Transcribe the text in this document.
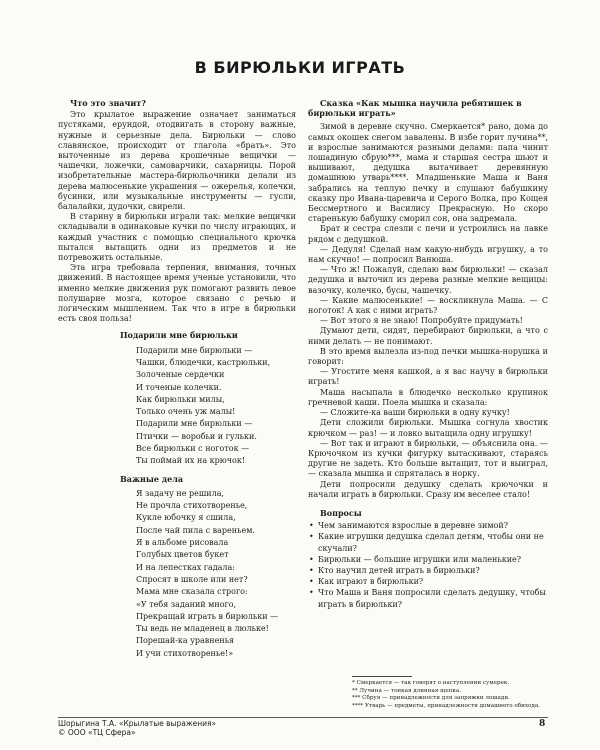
В БИРЮЛЬКИ ИГРАТЬ
Что это значит?

Это крылатое выражение означает заниматься пустяками, ерундой, отодвигать в сторону важные, нужные и серьезные дела. Бирюльки — слово славянское, происходит от глагола «брать». Это выточенные из дерева крошечные вещички — чашечки, ложечки, самоварчики, сахарницы. Порой изобретательные мастера-бирюльочники делали из дерева малюсенькие украшения — ожерелья, колечки, бусинки, или музыкальные инструменты — гусли, балалайки, дудочки, свирели.

В старину в бирюльки играли так: мелкие вещички складывали в одинаковые кучки по числу играющих, и каждый участник с помощью специального крючка пытался вытащить одни из предметов и не потревожить остальные.

Эта игра требовала терпения, внимания, точных движений. В настоящее время ученые установили, что именно мелкие движения рук помогают развить левое полушарие мозга, которое связано с речью и логическим мышлением. Так что в игре в бирюльки есть своя польза!

Подарили мне бирюльки
Подарили мне бирюльки —
Чашки, блюдечки, кастрюльки,
Золоченые сердечки
И точеные колечки.
Как бирюльки милы,
Только очень уж малы!
Подарили мне бирюльки —
Птички — воробьи и гульки.
Все бирюльки с ноготок —
Ты поймай их на крючок!
Важные дела
Я задачу не решила,
Не прочла стихотворенье,
Кукле юбочку я сшила,
После чай пила с вареньем.
Я в альбоме рисовала
Голубых цветов букет
И на лепестках гадала:
Спросят в школе или нет?
Мама мне сказала строго:
«У тебя заданий много,
Прекращай играть в бирюльки —
Ты ведь не младенец в люльке!
Порешай-ка уравненья
И учи стихотворенье!»
Сказка «Как мышка научила ребятишек в бирюльки играть»

Зимой в деревне скучно. Смеркается* рано, дома до самых окошек снегом завалены. В избе горит лучина**, и взрослые занимаются разными делами: папа чинит лошадиную сбрую***, мама и старшая сестра шьют и вышивают, дедушка вытачивает деревянную домашнюю утварь****. Младшенькие Маша и Ваня забрались на теплую печку и слушают бабушкину сказку про Ивана-царевича и Серого Волка, про Кощея Бессмертного и Василису Прекрасную. Но скоро старенькую бабушку сморил сон, она задремала.

Брат и сестра слезли с печи и устроились на лавке рядом с дедушкой.

— Дедуля! Сделай нам какую-нибудь игрушку, а то нам скучно! — попросил Ванюша.

— Что ж! Пожалуй, сделаю вам бирюльки! — сказал дедушка и выточил из дерева разные мелкие вещицы: вазочку, колечко, бусы, чашечку.

— Какие малюсенькие! — воскликнула Маша. — С ноготок! А как с ними играть?

— Вот этого я не знаю! Попробуйте придумать!

Думают дети, сидят, перебирают бирюльки, а что с ними делать — не понимают.

В это время вылезла из-под печки мышка-норушка и говорит:

— Угостите меня кашкой, а я вас научу в бирюльки играть!

Маша насыпала в блюдечко несколько крупинок гречневой каши. Поела мышка и сказала:

— Сложите-ка ваши бирюльки в одну кучку!

Дети сложили бирюльки. Мышка согнула хвостик крючком — раз! — и ловко вытащила одну игрушку!

— Вот так и играют в бирюльки, — объяснила она. — Крючочком из кучки фигурку вытаскивают, стараясь другие не задеть. Кто больше вытащит, тот и выиграл, — сказала мышка и спряталась в норку.

Дети попросили дедушку сделать крючочки и начали играть в бирюльки. Сразу им веселее стало!

Вопросы
• Чем занимаются взрослые в деревне зимой?
• Какие игрушки дедушка сделал детям, чтобы они не скучали?
• Бирюльки — большие игрушки или маленькие?
• Кто научил детей играть в бирюльки?
• Как играют в бирюльки?
• Что Маша и Ваня попросили сделать дедушку, чтобы играть в бирюльки?
* Смеркается — так говорят о наступлении сумерек.
** Лучина — тонкая длинная щепка.
*** Сбруя — принадлежности для запряжки лошади.
**** Утварь — предметы, принадлежности домашнего обихода.
Шорыгина Т.А. «Крылатые выражения»
© ООО «ТЦ Сфера»
8
